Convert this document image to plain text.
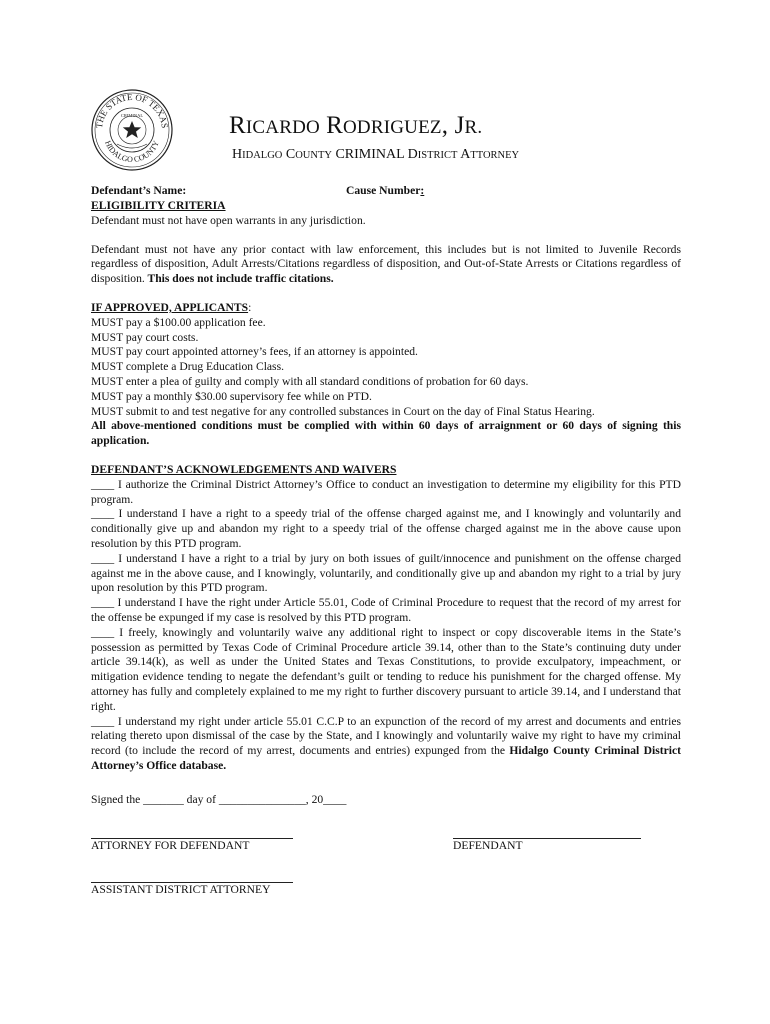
THE STATE OF TEXAS
HIDALGO COUNTY
CRIMINAL	RICARDO RODRIGUEZ, JR.
HIDALGO COUNTY CRIMINAL DISTRICT ATTORNEY
Defendant’s Name:	Cause Number:
ELIGIBILITY CRITERIA
Defendant must not have open warrants in any jurisdiction.

Defendant must not have any prior contact with law enforcement, this includes but is not limited to Juvenile Records regardless of disposition, Adult Arrests/Citations regardless of disposition, and Out-of-State Arrests or Citations regardless of disposition. This does not include traffic citations.

IF APPROVED, APPLICANTS:
MUST pay a $100.00 application fee.
MUST pay court costs.
MUST pay court appointed attorney’s fees, if an attorney is appointed.
MUST complete a Drug Education Class.
MUST enter a plea of guilty and comply with all standard conditions of probation for 60 days.
MUST pay a monthly $30.00 supervisory fee while on PTD.
MUST submit to and test negative for any controlled substances in Court on the day of Final Status Hearing.

All above-mentioned conditions must be complied with within 60 days of arraignment or 60 days of signing this application.

DEFENDANT’S ACKNOWLEDGEMENTS AND WAIVERS

____ I authorize the Criminal District Attorney’s Office to conduct an investigation to determine my eligibility for this PTD program.

____ I understand I have a right to a speedy trial of the offense charged against me, and I knowingly and voluntarily and conditionally give up and abandon my right to a speedy trial of the offense charged against me in the above cause upon resolution by this PTD program.

____ I understand I have a right to a trial by jury on both issues of guilt/innocence and punishment on the offense charged against me in the above cause, and I knowingly, voluntarily, and conditionally give up and abandon my right to a trial by jury upon resolution by this PTD program.

____ I understand I have the right under Article 55.01, Code of Criminal Procedure to request that the record of my arrest for the offense be expunged if my case is resolved by this PTD program.

____ I freely, knowingly and voluntarily waive any additional right to inspect or copy discoverable items in the State’s possession as permitted by Texas Code of Criminal Procedure article 39.14, other than to the State’s continuing duty under article 39.14(k), as well as under the United States and Texas Constitutions, to provide exculpatory, impeachment, or mitigation evidence tending to negate the defendant’s guilt or tending to reduce his punishment for the charged offense. My attorney has fully and completely explained to me my right to further discovery pursuant to article 39.14, and I understand that right.

____ I understand my right under article 55.01 C.C.P to an expunction of the record of my arrest and documents and entries relating thereto upon dismissal of the case by the State, and I knowingly and voluntarily waive my right to have my criminal record (to include the record of my arrest, documents and entries) expunged from the Hidalgo County Criminal District Attorney’s Office database.

Signed the _______ day of _______________, 20____
ATTORNEY FOR DEFENDANT	DEFENDANT
ASSISTANT DISTRICT ATTORNEY
